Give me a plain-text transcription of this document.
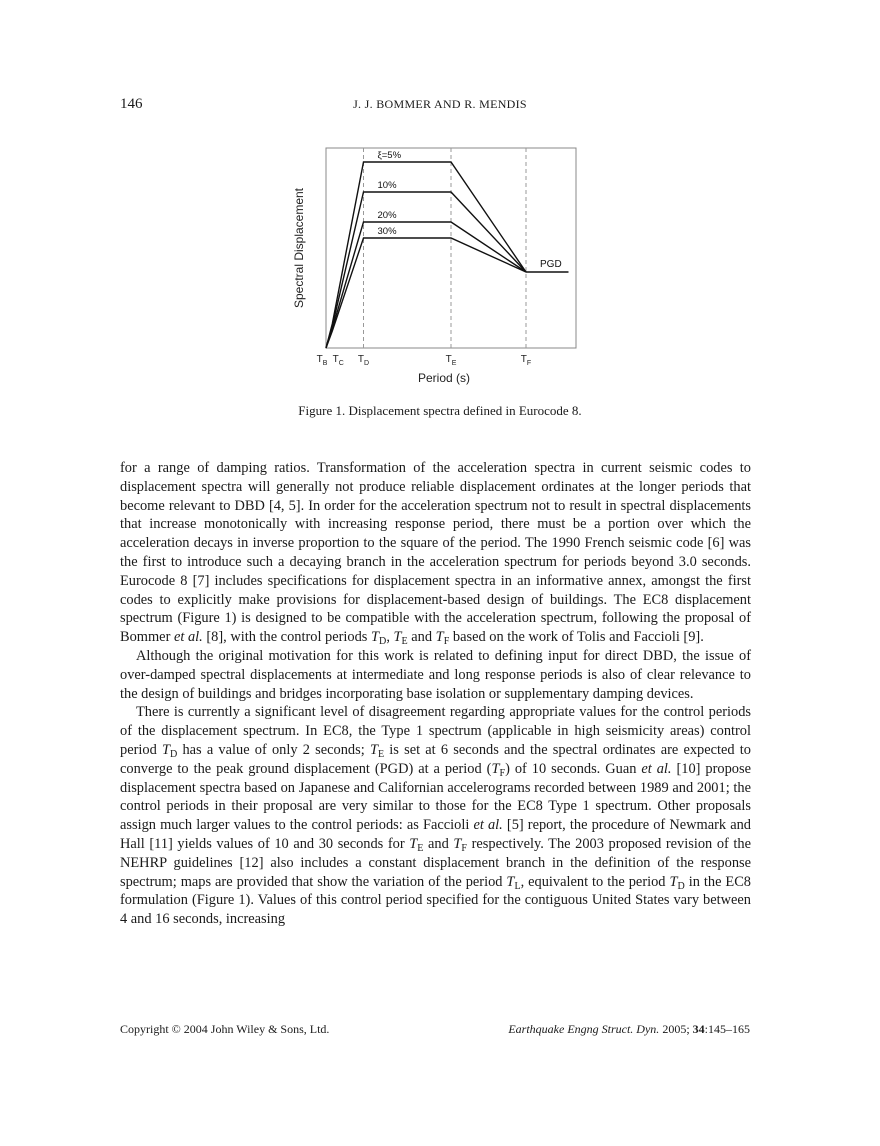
146	J. J. BOMMER AND R. MENDIS
ξ=5%
10%
20%
30%
PGD
$T_B$ $T_C$ $T_D$	$T_E$	$T_F$
Spectral Displacement
Period (s)
Figure 1. Displacement spectra defined in Eurocode 8.

for a range of damping ratios. Transformation of the acceleration spectra in current seismic codes to displacement spectra will generally not produce reliable displacement ordinates at the longer periods that become relevant to DBD [4, 5]. In order for the acceleration spectrum not to result in spectral displacements that increase monotonically with increasing response period, there must be a portion over which the acceleration decays in inverse proportion to the square of the period. The 1990 French seismic code [6] was the first to introduce such a decaying branch in the acceleration spectrum for periods beyond 3.0 seconds. Eurocode 8 [7] includes specifications for displacement spectra in an informative annex, amongst the first codes to explicitly make provisions for displacement-based design of buildings. The EC8 displacement spectrum (Figure 1) is designed to be compatible with the acceleration spectrum, following the proposal of Bommer et al. [8], with the control periods $T_D$, $T_E$ and $T_F$ based on the work of Tolis and Faccioli [9].

Although the original motivation for this work is related to defining input for direct DBD, the issue of over-damped spectral displacements at intermediate and long response periods is also of clear relevance to the design of buildings and bridges incorporating base isolation or supplementary damping devices.

There is currently a significant level of disagreement regarding appropriate values for the control periods of the displacement spectrum. In EC8, the Type 1 spectrum (applicable in high seismicity areas) control period $T_D$ has a value of only 2 seconds; $T_E$ is set at 6 seconds and the spectral ordinates are expected to converge to the peak ground displacement (PGD) at a period $(T_F)$ of 10 seconds. Guan et al. [10] propose displacement spectra based on Japanese and Californian accelerograms recorded between 1989 and 2001; the control periods in their proposal are very similar to those for the EC8 Type 1 spectrum. Other proposals assign much larger values to the control periods: as Faccioli et al. [5] report, the procedure of Newmark and Hall [11] yields values of 10 and 30 seconds for $T_E$ and $T_F$ respectively. The 2003 proposed revision of the NEHRP guidelines [12] also includes a constant displacement branch in the definition of the response spectrum; maps are provided that show the variation of the period $T_L$, equivalent to the period $T_D$ in the EC8 formulation (Figure 1). Values of this control period specified for the contiguous United States vary between 4 and 16 seconds, increasing

Copyright © 2004 John Wiley & Sons, Ltd.	Earthquake Engng Struct. Dyn. 2005; 34:145–165
